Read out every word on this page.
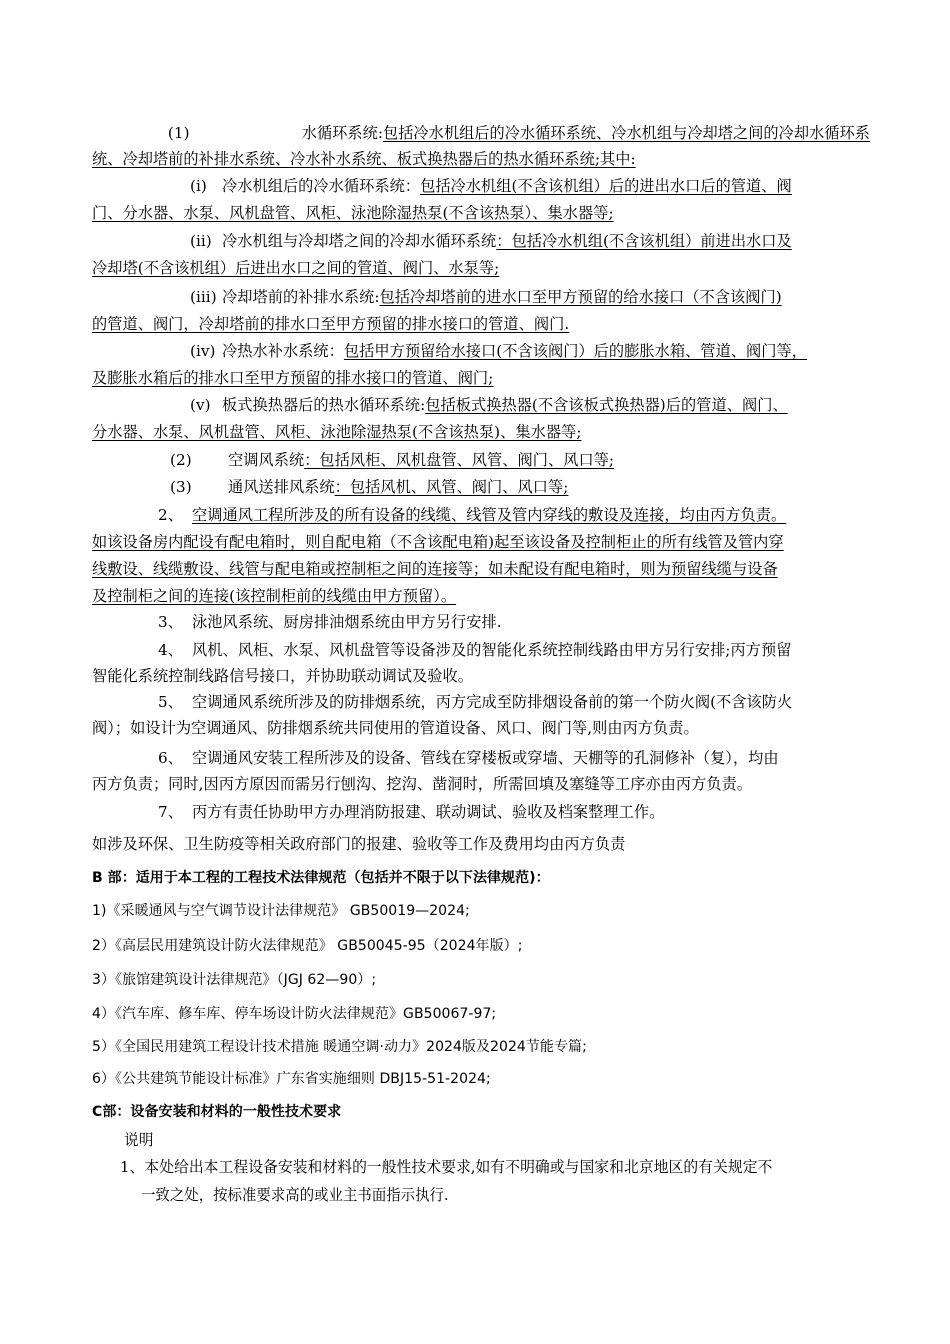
(1)	水循环系统:包括冷水机组后的冷水循环系统、冷水机组与冷却塔之间的冷却水循环系
统、冷却塔前的补排水系统、冷水补水系统、板式换热器后的热水循环系统;其中:
(i) 冷水机组后的冷水循环系统：包括冷水机组(不含该机组）后的进出水口后的管道、阀
门、分水器、水泵、风机盘管、风柜、泳池除湿热泵(不含该热泵）、集水器等;
(ii) 冷水机组与冷却塔之间的冷却水循环系统：包括冷水机组(不含该机组）前进出水口及
冷却塔(不含该机组）后进出水口之间的管道、阀门、水泵等;
(iii) 冷却塔前的补排水系统:包括冷却塔前的进水口至甲方预留的给水接口（不含该阀门)
的管道、阀门，冷却塔前的排水口至甲方预留的排水接口的管道、阀门.
(iv) 冷热水补水系统：包括甲方预留给水接口(不含该阀门）后的膨胀水箱、管道、阀门等，
及膨胀水箱后的排水口至甲方预留的排水接口的管道、阀门;
(v) 板式换热器后的热水循环系统:包括板式换热器(不含该板式换热器)后的管道、阀门、
分水器、水泵、风机盘管、风柜、泳池除湿热泵(不含该热泵)、集水器等;
(2) 空调风系统：包括风柜、风机盘管、风管、阀门、风口等;
(3) 通风送排风系统：包括风机、风管、阀门、风口等;
2、 空调通风工程所涉及的所有设备的线缆、线管及管内穿线的敷设及连接，均由丙方负责。
如该设备房内配设有配电箱时，则自配电箱（不含该配电箱)起至该设备及控制柜止的所有线管及管内穿
线敷设、线缆敷设、线管与配电箱或控制柜之间的连接等；如未配设有配电箱时，则为预留线缆与设备
及控制柜之间的连接(该控制柜前的线缆由甲方预留）。
3、 泳池风系统、厨房排油烟系统由甲方另行安排.
4、 风机、风柜、水泵、风机盘管等设备涉及的智能化系统控制线路由甲方另行安排;丙方预留
智能化系统控制线路信号接口，并协助联动调试及验收。
5、 空调通风系统所涉及的防排烟系统，丙方完成至防排烟设备前的第一个防火阀(不含该防火
阀）；如设计为空调通风、防排烟系统共同使用的管道设备、风口、阀门等,则由丙方负责。
6、 空调通风安装工程所涉及的设备、管线在穿楼板或穿墙、天棚等的孔洞修补（复），均由
丙方负责；同时,因丙方原因而需另行刨沟、挖沟、凿洞时，所需回填及塞缝等工序亦由丙方负责。
7、 丙方有责任协助甲方办理消防报建、联动调试、验收及档案整理工作。
如涉及环保、卫生防疫等相关政府部门的报建、验收等工作及费用均由丙方负责
B 部：适用于本工程的工程技术法律规范（包括并不限于以下法律规范)：
1)《采暖通风与空气调节设计法律规范》 GB50019—2024;
2）《高层民用建筑设计防火法律规范》 GB50045-95（2024年版）;
3）《旅馆建筑设计法律规范》（JGJ 62—90）;
4）《汽车库、修车库、停车场设计防火法律规范》GB50067-97;
5）《全国民用建筑工程设计技术措施 暖通空调·动力》2024版及2024节能专篇;
6）《公共建筑节能设计标准》广东省实施细则 DBJ15-51-2024;
C部：设备安装和材料的一般性技术要求
说明
1、本处给出本工程设备安装和材料的一般性技术要求,如有不明确或与国家和北京地区的有关规定不
一致之处，按标准要求高的或业主书面指示执行.
